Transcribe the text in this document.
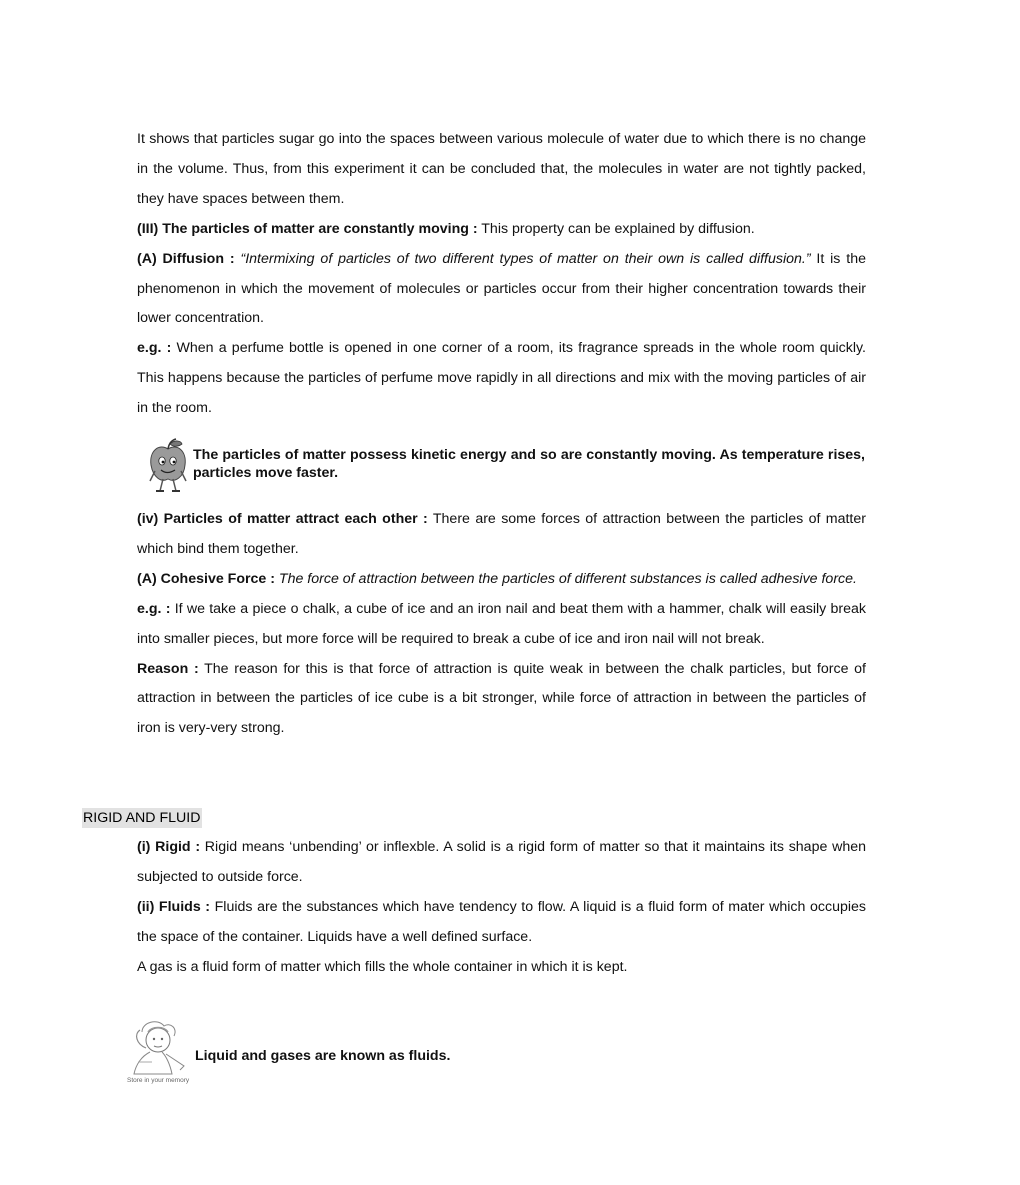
It shows that particles sugar go into the spaces between various molecule of water due to which there is no change in the volume. Thus, from this experiment it can be concluded that, the molecules in water are not tightly packed, they have spaces between them.

(III) The particles of matter are constantly moving : This property can be explained by diffusion.

(A) Diffusion : “Intermixing of particles of two different types of matter on their own is called diffusion.” It is the phenomenon in which the movement of molecules or particles occur from their higher concentration towards their lower concentration.

e.g. : When a perfume bottle is opened in one corner of a room, its fragrance spreads in the whole room quickly. This happens because the particles of perfume move rapidly in all directions and mix with the moving particles of air in the room.

The particles of matter possess kinetic energy and so are constantly moving. As temperature rises, particles move faster.

(iv) Particles of matter attract each other : There are some forces of attraction between the particles of matter which bind them together.

(A) Cohesive Force : The force of attraction between the particles of different substances is called adhesive force.

e.g. : If we take a piece o chalk, a cube of ice and an iron nail and beat them with a hammer, chalk will easily break into smaller pieces, but more force will be required to break a cube of ice and iron nail will not break.

Reason : The reason for this is that force of attraction is quite weak in between the chalk particles, but force of attraction in between the particles of ice cube is a bit stronger, while force of attraction in between the particles of iron is very-very strong.

RIGID AND FLUID

(i) Rigid : Rigid means ‘unbending’ or inflexble. A solid is a rigid form of matter so that it maintains its shape when subjected to outside force.

(ii) Fluids : Fluids are the substances which have tendency to flow. A liquid is a fluid form of mater which occupies the space of the container. Liquids have a well defined surface.

A gas is a fluid form of matter which fills the whole container in which it is kept.

Store in your memory
Liquid and gases are known as fluids.
